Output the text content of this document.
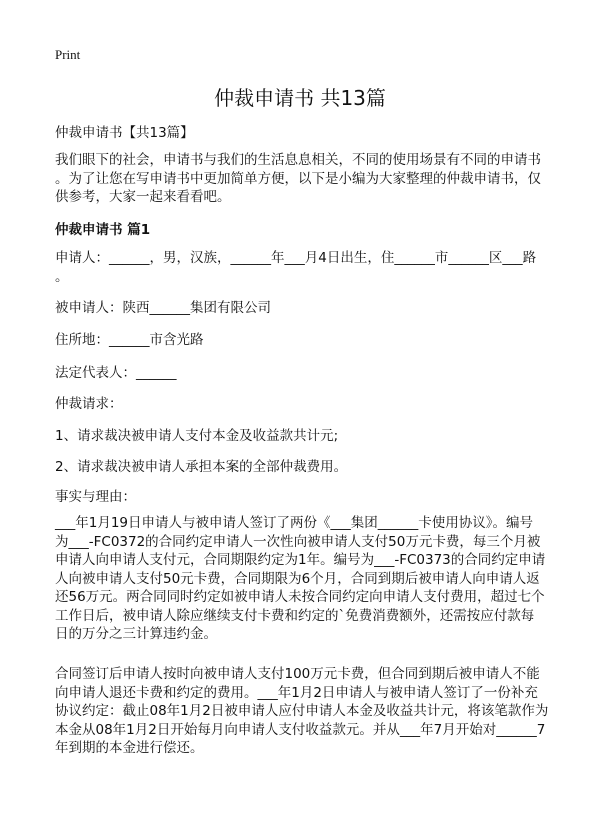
Print
仲裁申请书 共13篇
仲裁申请书【共13篇】
我们眼下的社会，申请书与我们的生活息息相关，不同的使用场景有不同的申请书
。为了让您在写申请书中更加简单方便，以下是小编为大家整理的仲裁申请书，仅
供参考，大家一起来看看吧。
仲裁申请书 篇1
申请人：______，男，汉族，______年___月4日出生，住______市______区___路
。
被申请人：陕西______集团有限公司
住所地：______市含光路
法定代表人：______
仲裁请求：
1、请求裁决被申请人支付本金及收益款共计元;
2、请求裁决被申请人承担本案的全部仲裁费用。
事实与理由：
___年1月19日申请人与被申请人签订了两份《___集团______卡使用协议》。编号
为___-FC0372的合同约定申请人一次性向被申请人支付50万元卡费，每三个月被
申请人向申请人支付元，合同期限约定为1年。编号为___-FC0373的合同约定申请
人向被申请人支付50元卡费，合同期限为6个月，合同到期后被申请人向申请人返
还56万元。两合同同时约定如被申请人未按合同约定向申请人支付费用，超过七个
工作日后，被申请人除应继续支付卡费和约定的`免费消费额外，还需按应付款每
日的万分之三计算违约金。
合同签订后申请人按时向被申请人支付100万元卡费，但合同到期后被申请人不能
向申请人退还卡费和约定的费用。___年1月2日申请人与被申请人签订了一份补充
协议约定：截止08年1月2日被申请人应付申请人本金及收益共计元，将该笔款作为
本金从08年1月2日开始每月向申请人支付收益款元。并从___年7月开始对______7
年到期的本金进行偿还。
